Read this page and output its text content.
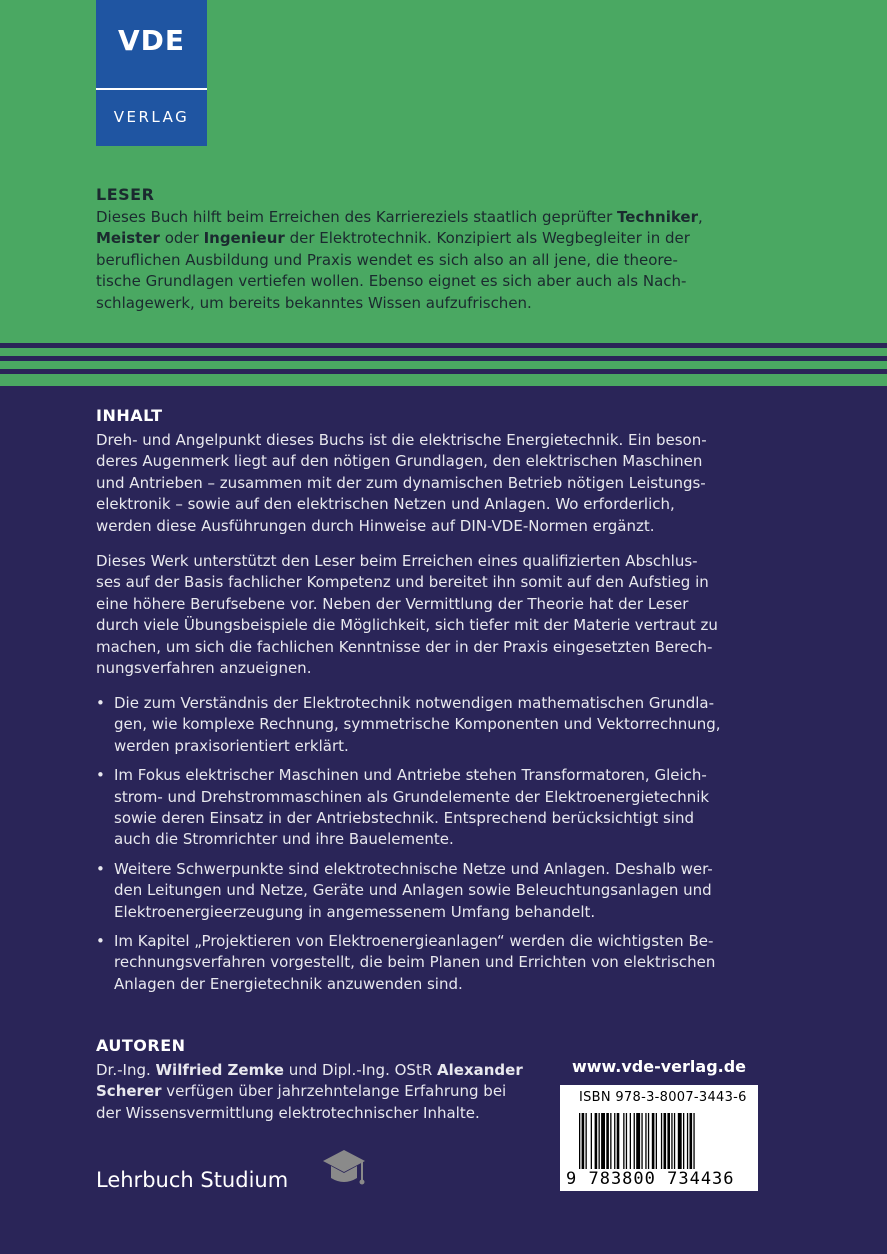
VDE
VERLAG
LESER
Dieses Buch hilft beim Erreichen des Karriereziels staatlich geprüfter Techniker,
Meister oder Ingenieur der Elektrotechnik. Konzipiert als Wegbegleiter in der
beruflichen Ausbildung und Praxis wendet es sich also an all jene, die theore-
tische Grundlagen vertiefen wollen. Ebenso eignet es sich aber auch als Nach-
schlagewerk, um bereits bekanntes Wissen aufzufrischen.
INHALT
Dreh- und Angelpunkt dieses Buchs ist die elektrische Energietechnik. Ein beson-
deres Augenmerk liegt auf den nötigen Grundlagen, den elektrischen Maschinen
und Antrieben – zusammen mit der zum dynamischen Betrieb nötigen Leistungs-
elektronik – sowie auf den elektrischen Netzen und Anlagen. Wo erforderlich,
werden diese Ausführungen durch Hinweise auf DIN-VDE-Normen ergänzt.
Dieses Werk unterstützt den Leser beim Erreichen eines qualifizierten Abschlus-
ses auf der Basis fachlicher Kompetenz und bereitet ihn somit auf den Aufstieg in
eine höhere Berufsebene vor. Neben der Vermittlung der Theorie hat der Leser
durch viele Übungsbeispiele die Möglichkeit, sich tiefer mit der Materie vertraut zu
machen, um sich die fachlichen Kenntnisse der in der Praxis eingesetzten Berech-
nungsverfahren anzueignen.
• Die zum Verständnis der Elektrotechnik notwendigen mathematischen Grundla-
gen, wie komplexe Rechnung, symmetrische Komponenten und Vektorrechnung,
werden praxisorientiert erklärt.
• Im Fokus elektrischer Maschinen und Antriebe stehen Transformatoren, Gleich-
strom- und Drehstrommaschinen als Grundelemente der Elektroenergietechnik
sowie deren Einsatz in der Antriebstechnik. Entsprechend berücksichtigt sind
auch die Stromrichter und ihre Bauelemente.
• Weitere Schwerpunkte sind elektrotechnische Netze und Anlagen. Deshalb wer-
den Leitungen und Netze, Geräte und Anlagen sowie Beleuchtungsanlagen und
Elektroenergieerzeugung in angemessenem Umfang behandelt.
• Im Kapitel „Projektieren von Elektroenergieanlagen“ werden die wichtigsten Be-
rechnungsverfahren vorgestellt, die beim Planen und Errichten von elektrischen
Anlagen der Energietechnik anzuwenden sind.
AUTOREN
Dr.-Ing. Wilfried Zemke und Dipl.-Ing. OStR Alexander
Scherer verfügen über jahrzehntelange Erfahrung bei
der Wissensvermittlung elektrotechnischer Inhalte.
Lehrbuch Studium
www.vde-verlag.de
ISBN 978-3-8007-3443-6
9 783800 734436
